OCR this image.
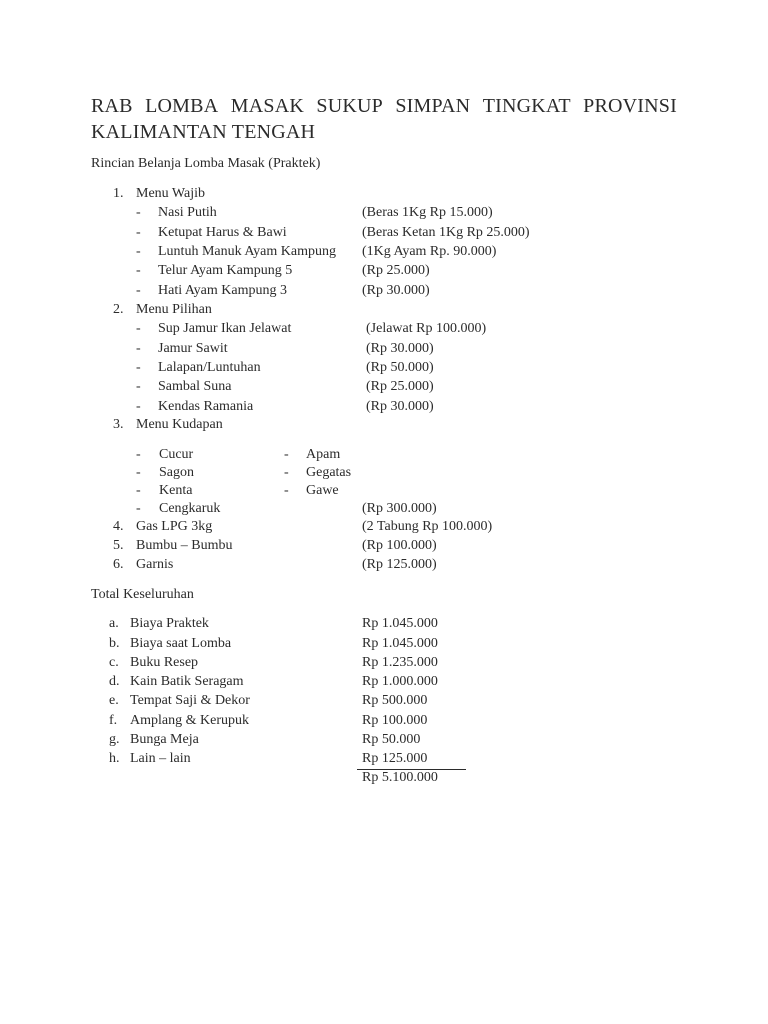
RAB LOMBA MASAK SUKUP SIMPAN TINGKAT PROVINSI
KALIMANTAN TENGAH
Rincian Belanja Lomba Masak (Praktek)
1. Menu Wajib
- Nasi Putih	(Beras 1Kg Rp 15.000)
- Ketupat Harus & Bawi	(Beras Ketan 1Kg Rp 25.000)
- Luntuh Manuk Ayam Kampung (1Kg Ayam Rp. 90.000)
- Telur Ayam Kampung 5	(Rp 25.000)
- Hati Ayam Kampung 3	(Rp 30.000)
2. Menu Pilihan
- Sup Jamur Ikan Jelawat	(Jelawat Rp 100.000)
- Jamur Sawit	(Rp 30.000)
- Lalapan/Luntuhan	(Rp 50.000)
- Sambal Suna	(Rp 25.000)
- Kendas Ramania	(Rp 30.000)
3. Menu Kudapan
- Cucur	- Apam
- Sagon	- Gegatas
- Kenta	- Gawe
- Cengkaruk	(Rp 300.000)
4. Gas LPG 3kg	(2 Tabung Rp 100.000)
5. Bumbu – Bumbu	(Rp 100.000)
6. Garnis	(Rp 125.000)
Total Keseluruhan
a. Biaya Praktek	Rp 1.045.000
b. Biaya saat Lomba	Rp 1.045.000
c. Buku Resep	Rp 1.235.000
d. Kain Batik Seragam	Rp 1.000.000
e. Tempat Saji & Dekor	Rp 500.000
f. Amplang & Kerupuk	Rp 100.000
g. Bunga Meja	Rp 50.000
h. Lain – lain	Rp 125.000
Rp 5.100.000
